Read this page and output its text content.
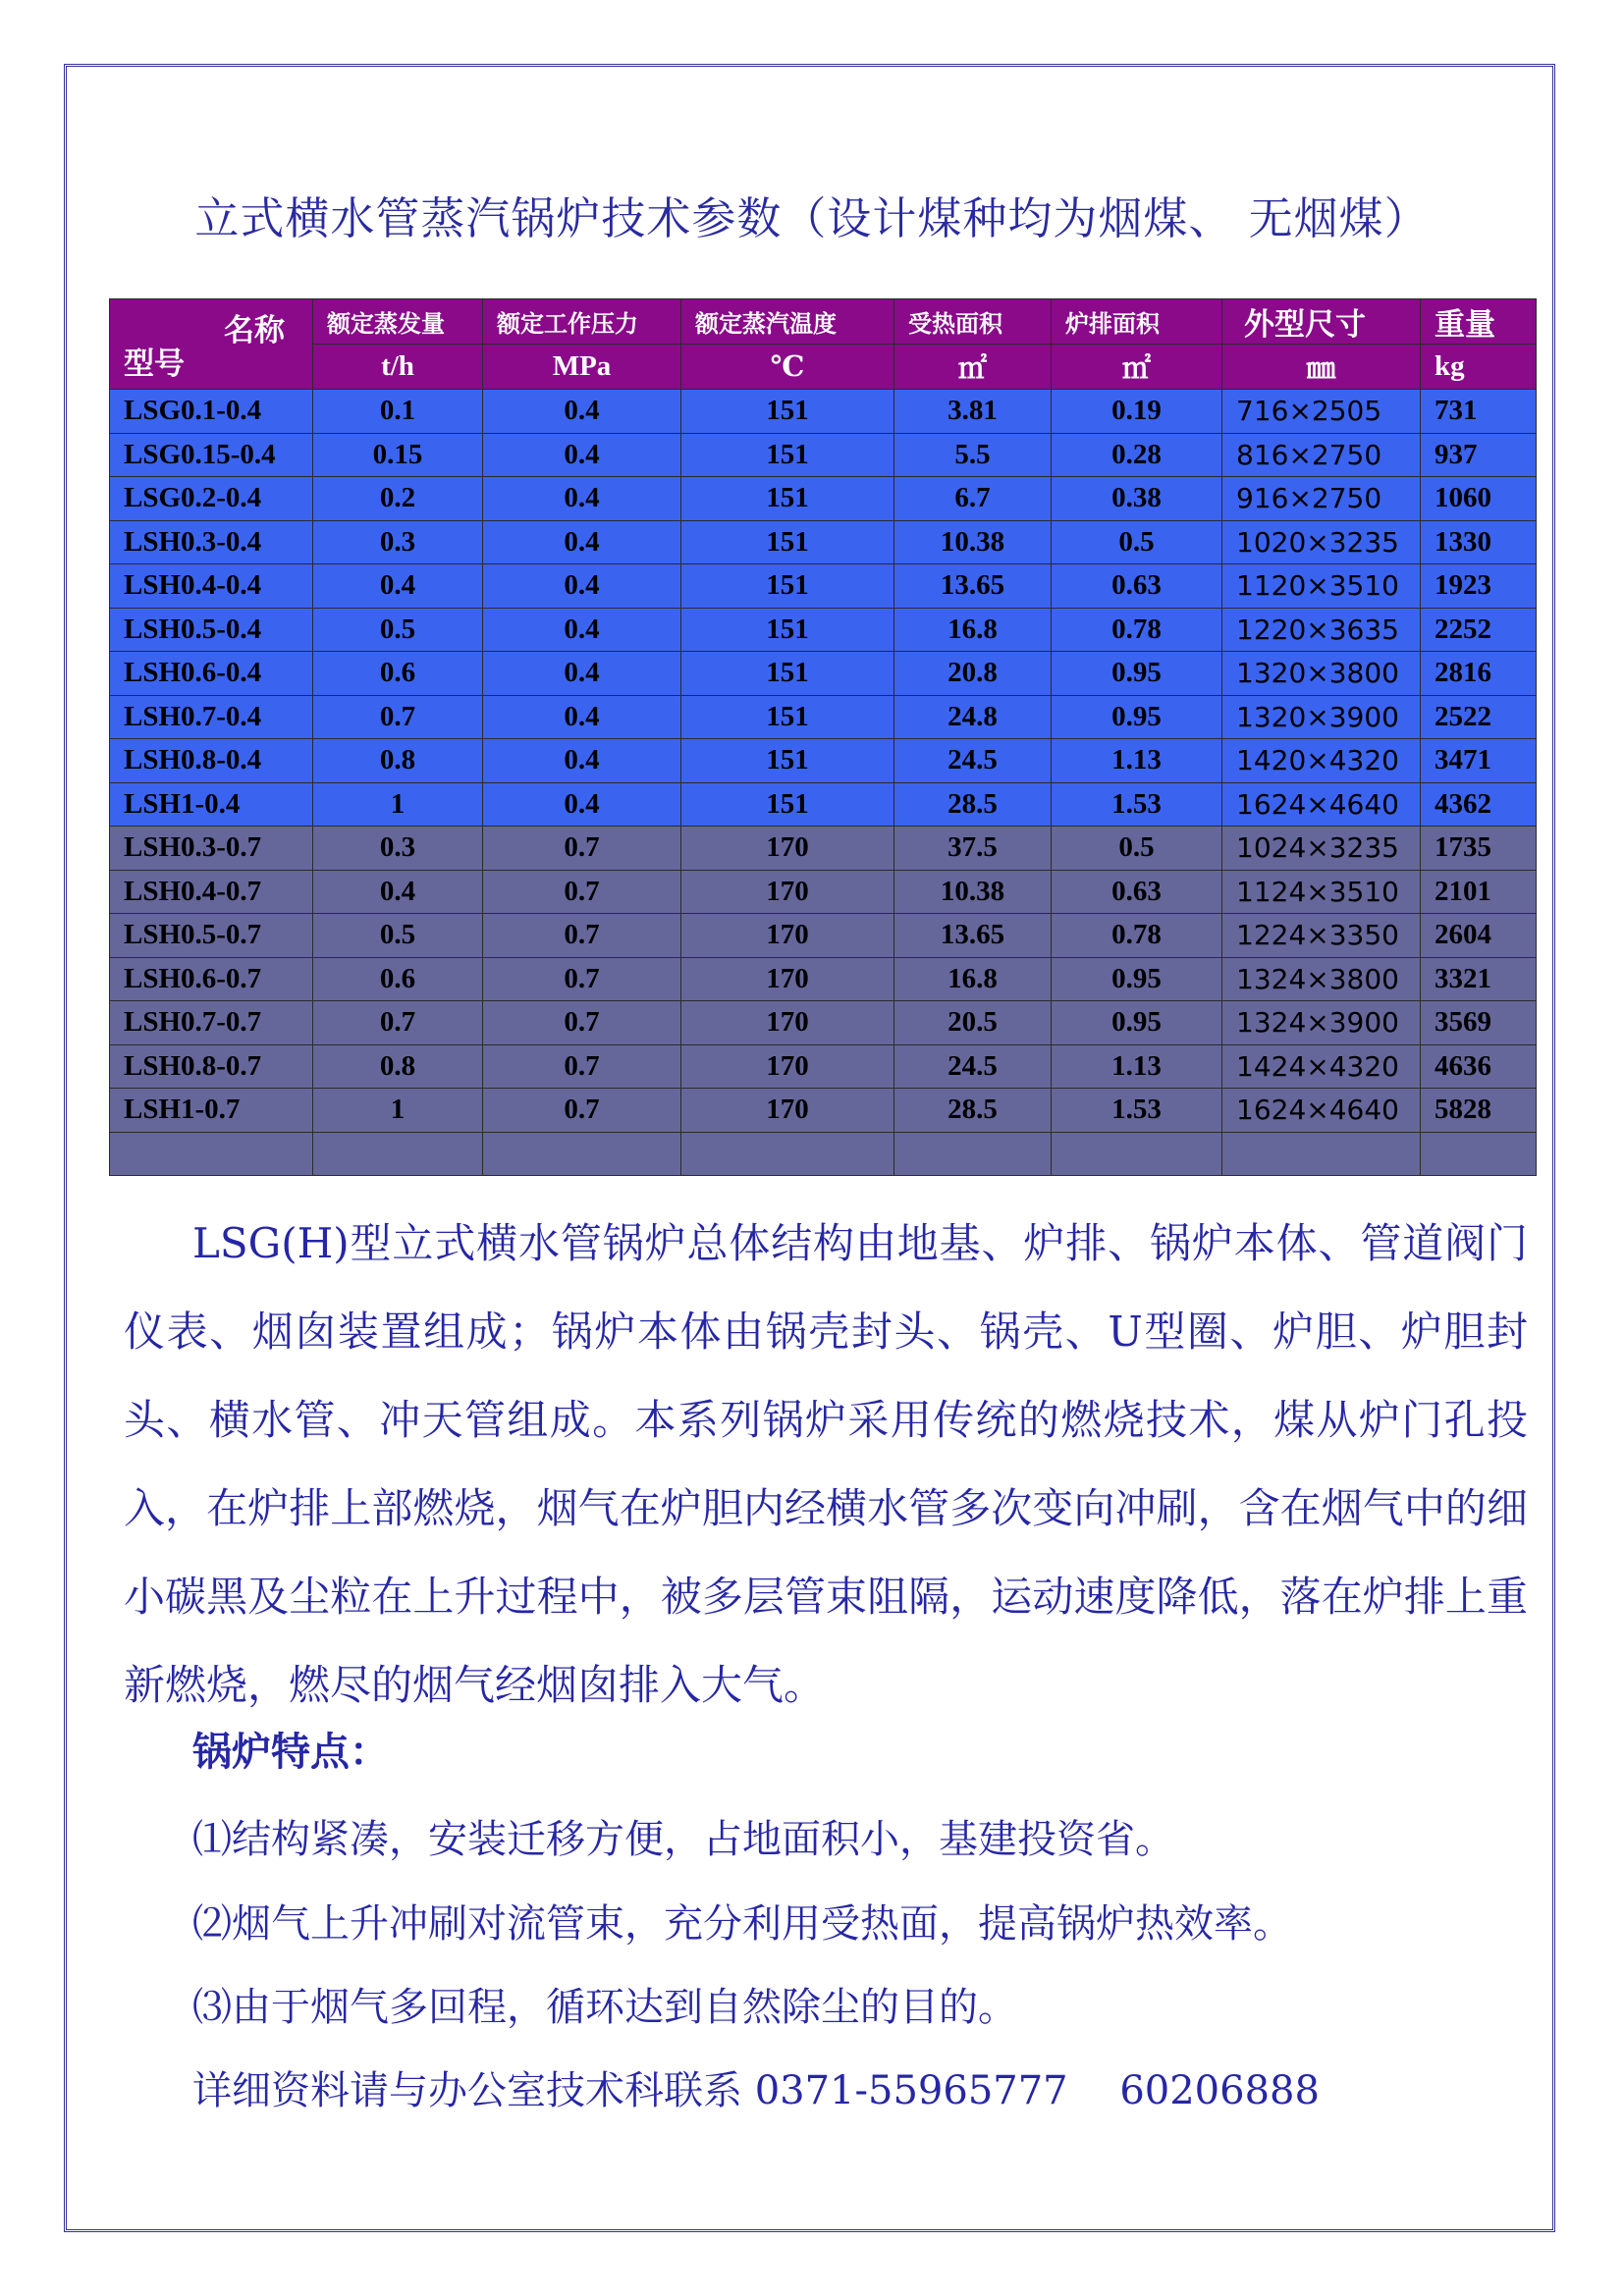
立式横水管蒸汽锅炉技术参数（设计煤种均为烟煤、 无烟煤）
名称
型号	额定蒸发量	额定工作压力	额定蒸汽温度	受热面积	炉排面积	外型尺寸	重量
	t/h	MPa	℃	㎡	㎡	㎜	kg
LSG0.1-0.4	0.1	0.4	151	3.81	0.19	716×2505	731
LSG0.15-0.4	0.15	0.4	151	5.5	0.28	816×2750	937
LSG0.2-0.4	0.2	0.4	151	6.7	0.38	916×2750	1060
LSH0.3-0.4	0.3	0.4	151	10.38	0.5	1020×3235	1330
LSH0.4-0.4	0.4	0.4	151	13.65	0.63	1120×3510	1923
LSH0.5-0.4	0.5	0.4	151	16.8	0.78	1220×3635	2252
LSH0.6-0.4	0.6	0.4	151	20.8	0.95	1320×3800	2816
LSH0.7-0.4	0.7	0.4	151	24.8	0.95	1320×3900	2522
LSH0.8-0.4	0.8	0.4	151	24.5	1.13	1420×4320	3471
LSH1-0.4	1	0.4	151	28.5	1.53	1624×4640	4362
LSH0.3-0.7	0.3	0.7	170	37.5	0.5	1024×3235	1735
LSH0.4-0.7	0.4	0.7	170	10.38	0.63	1124×3510	2101
LSH0.5-0.7	0.5	0.7	170	13.65	0.78	1224×3350	2604
LSH0.6-0.7	0.6	0.7	170	16.8	0.95	1324×3800	3321
LSH0.7-0.7	0.7	0.7	170	20.5	0.95	1324×3900	3569
LSH0.8-0.7	0.8	0.7	170	24.5	1.13	1424×4320	4636
LSH1-0.7	1	0.7	170	28.5	1.53	1624×4640	5828

LSG(H)型立式横水管锅炉总体结构由地基、炉排、锅炉本体、管道阀门仪表、烟囱装置组成；锅炉本体由锅壳封头、锅壳、U型圈、炉胆、炉胆封头、横水管、冲天管组成。本系列锅炉采用传统的燃烧技术，煤从炉门孔投入，在炉排上部燃烧，烟气在炉胆内经横水管多次变向冲刷，含在烟气中的细小碳黑及尘粒在上升过程中，被多层管束阻隔，运动速度降低，落在炉排上重新燃烧，燃尽的烟气经烟囱排入大气。
锅炉特点：
⑴结构紧凑，安装迁移方便，占地面积小，基建投资省。
⑵烟气上升冲刷对流管束，充分利用受热面，提高锅炉热效率。
⑶由于烟气多回程，循环达到自然除尘的目的。
详细资料请与办公室技术科联系 0371-55965777　 60206888
